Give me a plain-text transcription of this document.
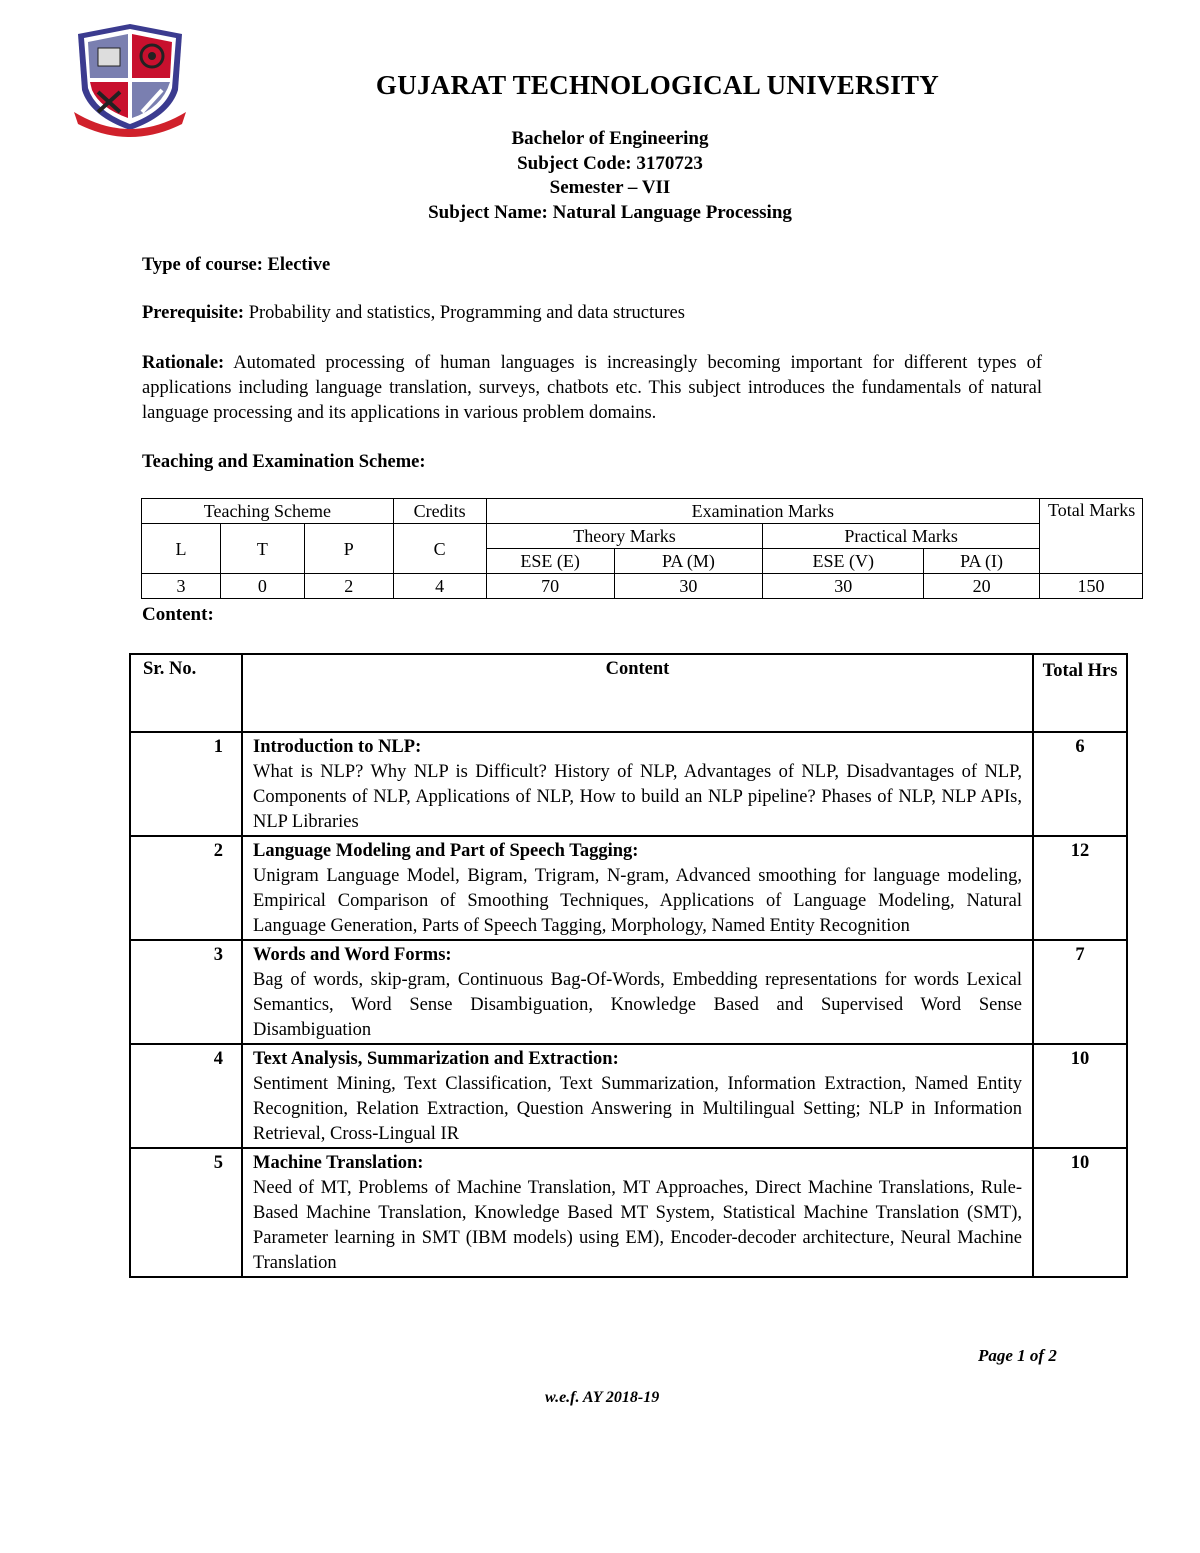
GUJARAT TECHNOLOGICAL UNIVERSITY
Bachelor of Engineering
Subject Code: 3170723
Semester – VII
Subject Name: Natural Language Processing
Type of course: Elective
Prerequisite: Probability and statistics, Programming and data structures
Rationale: Automated processing of human languages is increasingly becoming important for different types of applications including language translation, surveys, chatbots etc. This subject introduces the fundamentals of natural language processing and its applications in various problem domains.
Teaching and Examination Scheme:
Teaching Scheme			Credits	Examination Marks				Total Marks
L	T	P	C	Theory Marks		Practical Marks		
				ESE (E)	PA (M)	ESE (V)	PA (I)	
3	0	2	4	70	30	30	20	150
Content:
Sr. No.	Content	Total Hrs
1	Introduction to NLP:
What is NLP? Why NLP is Difficult? History of NLP, Advantages of NLP, Disadvantages of NLP, Components of NLP, Applications of NLP, How to build an NLP pipeline? Phases of NLP, NLP APIs, NLP Libraries	6
2	Language Modeling and Part of Speech Tagging:
Unigram Language Model, Bigram, Trigram, N-gram, Advanced smoothing for language modeling, Empirical Comparison of Smoothing Techniques, Applications of Language Modeling, Natural Language Generation, Parts of Speech Tagging, Morphology, Named Entity Recognition	12
3	Words and Word Forms:
Bag of words, skip-gram, Continuous Bag-Of-Words, Embedding representations for words Lexical Semantics, Word Sense Disambiguation, Knowledge Based and Supervised Word Sense Disambiguation	7
4	Text Analysis, Summarization and Extraction:
Sentiment Mining, Text Classification, Text Summarization, Information Extraction, Named Entity Recognition, Relation Extraction, Question Answering in Multilingual Setting; NLP in Information Retrieval, Cross-Lingual IR	10
5	Machine Translation:
Need of MT, Problems of Machine Translation, MT Approaches, Direct Machine Translations, Rule-Based Machine Translation, Knowledge Based MT System, Statistical Machine Translation (SMT), Parameter learning in SMT (IBM models) using EM), Encoder-decoder architecture, Neural Machine Translation	10
Page 1 of 2
w.e.f. AY 2018-19
